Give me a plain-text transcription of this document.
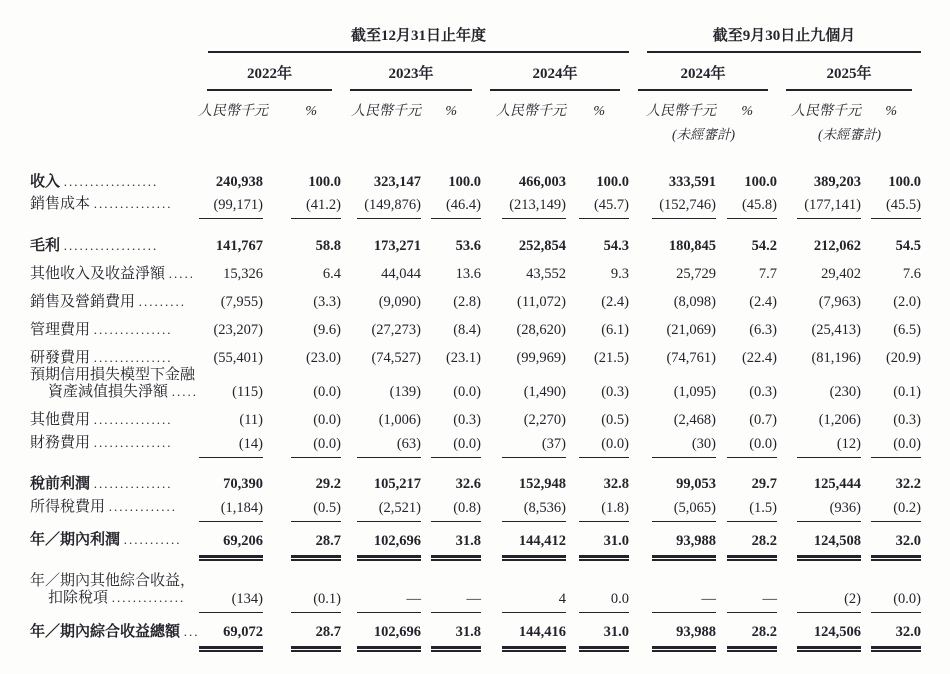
截至12月31日止年度	截至9月30日止九個月
2022年	2023年	2024年	2024年	2025年
人民幣千元	%	人民幣千元	%	人民幣千元	%	人民幣千元	%	人民幣千元	%
(未經審計)	(未經審計)
收入 ..................	240,938	100.0	323,147	100.0	466,003	100.0	333,591	100.0	389,203	100.0
銷售成本 ...............	(99,171)	(41.2)	(149,876)	(46.4)	(213,149)	(45.7)	(152,746)	(45.8)	(177,141)	(45.5)
毛利 ..................	141,767	58.8	173,271	53.6	252,854	54.3	180,845	54.2	212,062	54.5
其他收入及收益淨額 .....	15,326	6.4	44,044	13.6	43,552	9.3	25,729	7.7	29,402	7.6
銷售及營銷費用 .........	(7,955)	(3.3)	(9,090)	(2.8)	(11,072)	(2.4)	(8,098)	(2.4)	(7,963)	(2.0)
管理費用 ...............	(23,207)	(9.6)	(27,273)	(8.4)	(28,620)	(6.1)	(21,069)	(6.3)	(25,413)	(6.5)
研發費用 ...............	(55,401)	(23.0)	(74,527)	(23.1)	(99,969)	(21.5)	(74,761)	(22.4)	(81,196)	(20.9)
預期信用損失模型下金融
資產減值損失淨額 .....	(115)	(0.0)	(139)	(0.0)	(1,490)	(0.3)	(1,095)	(0.3)	(230)	(0.1)
其他費用 ...............	(11)	(0.0)	(1,006)	(0.3)	(2,270)	(0.5)	(2,468)	(0.7)	(1,206)	(0.3)
財務費用 ...............	(14)	(0.0)	(63)	(0.0)	(37)	(0.0)	(30)	(0.0)	(12)	(0.0)
稅前利潤 ...............	70,390	29.2	105,217	32.6	152,948	32.8	99,053	29.7	125,444	32.2
所得稅費用 .............	(1,184)	(0.5)	(2,521)	(0.8)	(8,536)	(1.8)	(5,065)	(1.5)	(936)	(0.2)
年／期內利潤 ...........	69,206	28.7	102,696	31.8	144,412	31.0	93,988	28.2	124,508	32.0
年／期內其他綜合收益，
扣除稅項 ..............	(134)	(0.1)	—	—	4	0.0	—	—	(2)	(0.0)
年／期內綜合收益總額 ...	69,072	28.7	102,696	31.8	144,416	31.0	93,988	28.2	124,506	32.0
